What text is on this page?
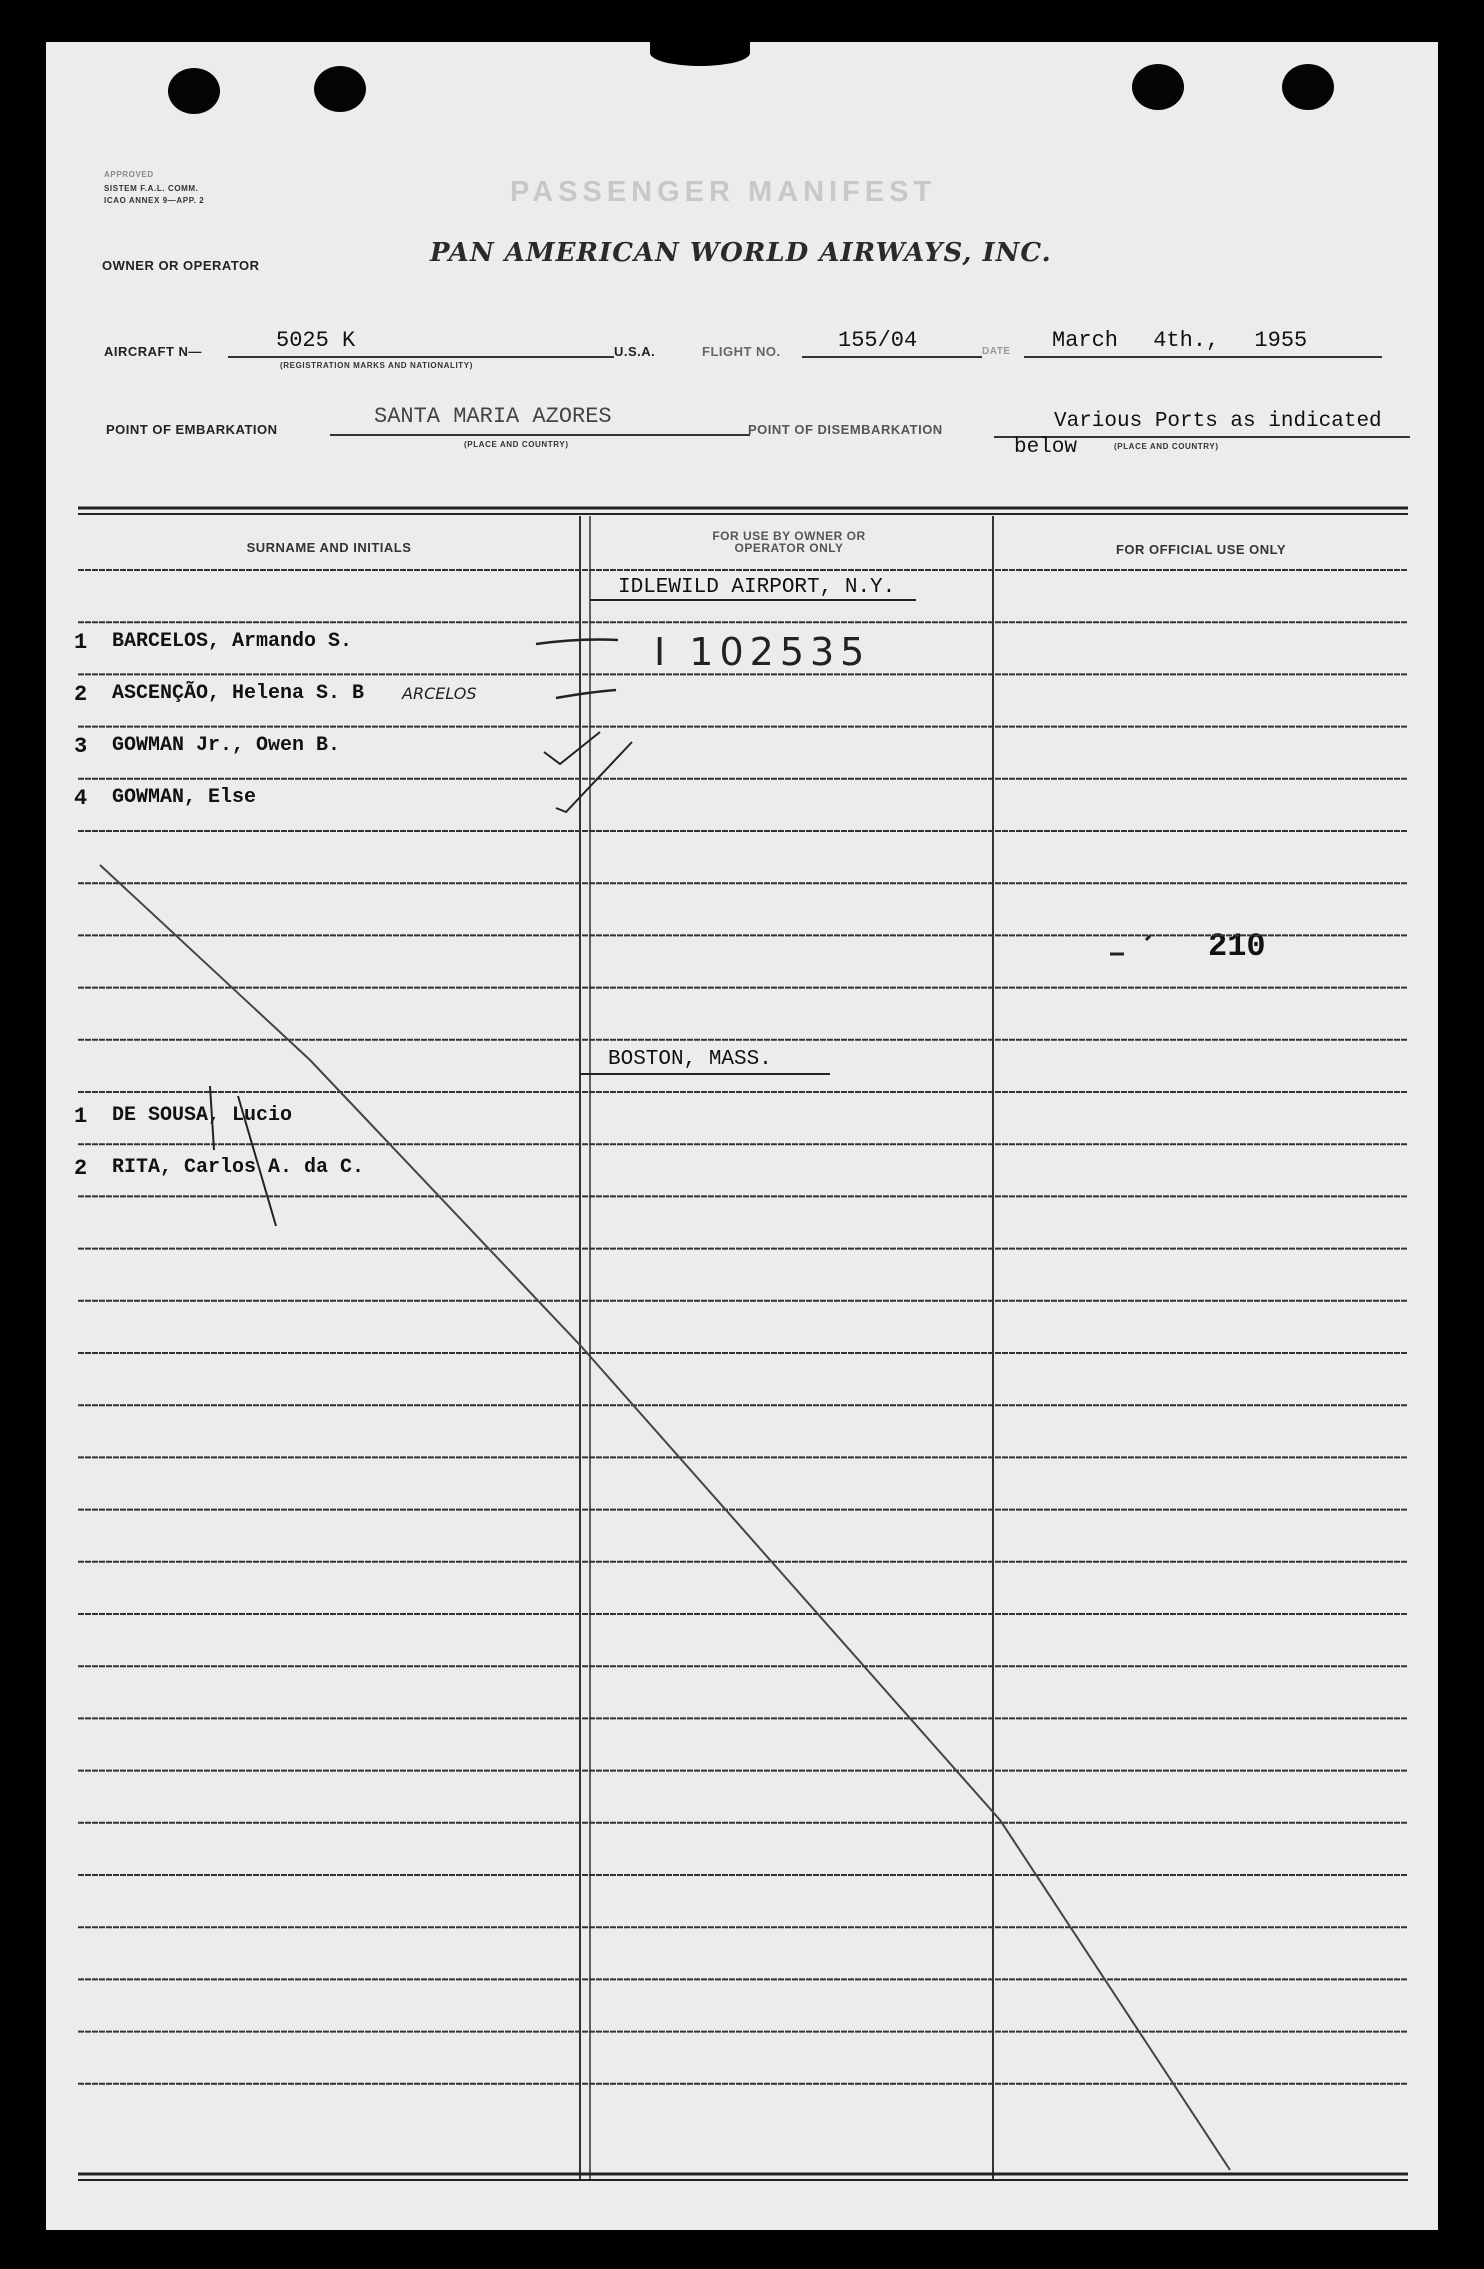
APPROVED
SISTEM F.A.L. COMM.
ICAO ANNEX 9—APP. 2	PASSENGER MANIFEST
OWNER OR OPERATOR	PAN AMERICAN WORLD AIRWAYS, INC.
AIRCRAFT N—	5025 K
(REGISTRATION MARKS AND NATIONALITY)
U.S.A.	FLIGHT NO.	155/04	DATE March 4th., 1955
POINT OF EMBARKATION
SANTA MARIA AZORES
(PLACE AND COUNTRY)
POINT OF DISEMBARKATION	Various Ports as indicated
below	(PLACE AND COUNTRY)
SURNAME AND INITIALS
FOR USE BY OWNER OR OPERATOR ONLY	FOR OFFICIAL USE ONLY
IDLEWILD AIRPORT, N.Y.
I 102535
1 BARCELOS, Armando S.
2 ASCENÇÃO, Helena S. B ARCELOS
3 GOWMAN Jr., Owen B.
4 GOWMAN, Else
210
BOSTON, MASS.
1 DE SOUSA, Lucio
2 RITA, Carlos A. da C.
